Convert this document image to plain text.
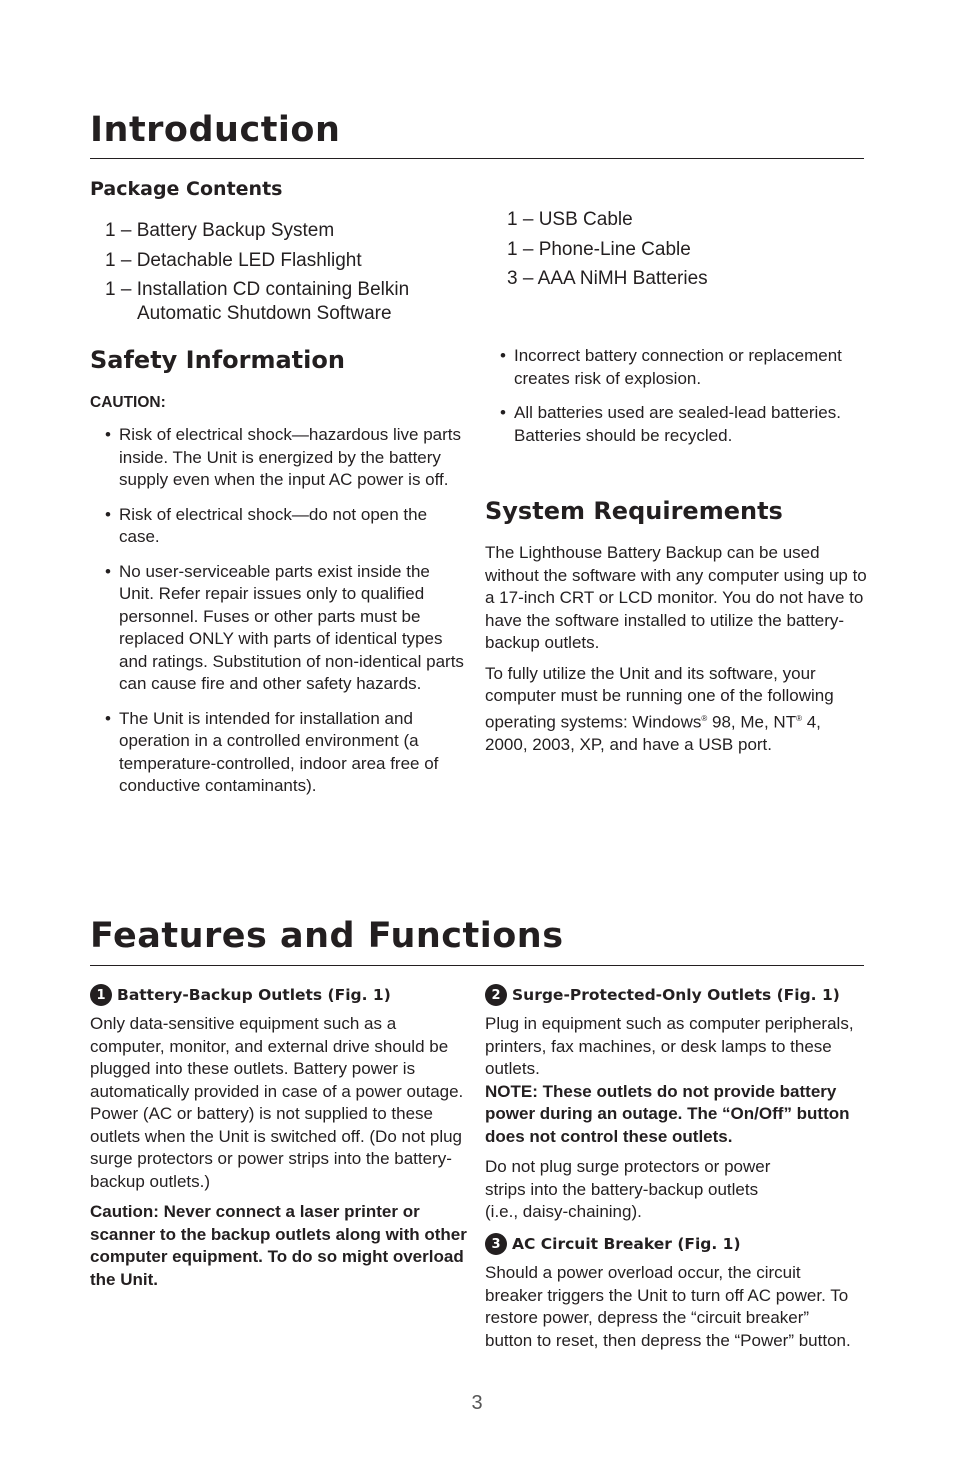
Introduction
Package Contents
1 – Battery Backup System
1 – Detachable LED Flashlight
1 – Installation CD containing Belkin
Automatic Shutdown Software
1 – USB Cable
1 – Phone-Line Cable
3 – AAA NiMH Batteries
Safety Information
CAUTION:
• Risk of electrical shock—hazardous live parts inside. The Unit is energized by the battery supply even when the input AC power is off.
• Risk of electrical shock—do not open the case.
• No user-serviceable parts exist inside the Unit. Refer repair issues only to qualified personnel. Fuses or other parts must be replaced ONLY with parts of identical types and ratings. Substitution of non-identical parts can cause fire and other safety hazards.
• The Unit is intended for installation and operation in a controlled environment (a temperature-controlled, indoor area free of conductive contaminants).
• Incorrect battery connection or replacement creates risk of explosion.
• All batteries used are sealed-lead batteries. Batteries should be recycled.
System Requirements

The Lighthouse Battery Backup can be used without the software with any computer using up to a 17-inch CRT or LCD monitor. You do not have to have the software installed to utilize the battery-backup outlets.

To fully utilize the Unit and its software, your computer must be running one of the following operating systems: Windows® 98, Me, NT® 4, 2000, 2003, XP, and have a USB port.

Features and Functions
1 Battery-Backup Outlets (Fig. 1)

Only data-sensitive equipment such as a computer, monitor, and external drive should be plugged into these outlets. Battery power is automatically provided in case of a power outage. Power (AC or battery) is not supplied to these outlets when the Unit is switched off. (Do not plug surge protectors or power strips into the battery-backup outlets.)

Caution: Never connect a laser printer or scanner to the backup outlets along with other computer equipment. To do so might overload the Unit.

2 Surge-Protected-Only Outlets (Fig. 1)

Plug in equipment such as computer peripherals, printers, fax machines, or desk lamps to these outlets.

NOTE: These outlets do not provide battery power during an outage. The “On/Off” button does not control these outlets.

Do not plug surge protectors or power strips into the battery-backup outlets (i.e., daisy-chaining).

3 AC Circuit Breaker (Fig. 1)

Should a power overload occur, the circuit breaker triggers the Unit to turn off AC power. To restore power, depress the “circuit breaker” button to reset, then depress the “Power” button.

3
